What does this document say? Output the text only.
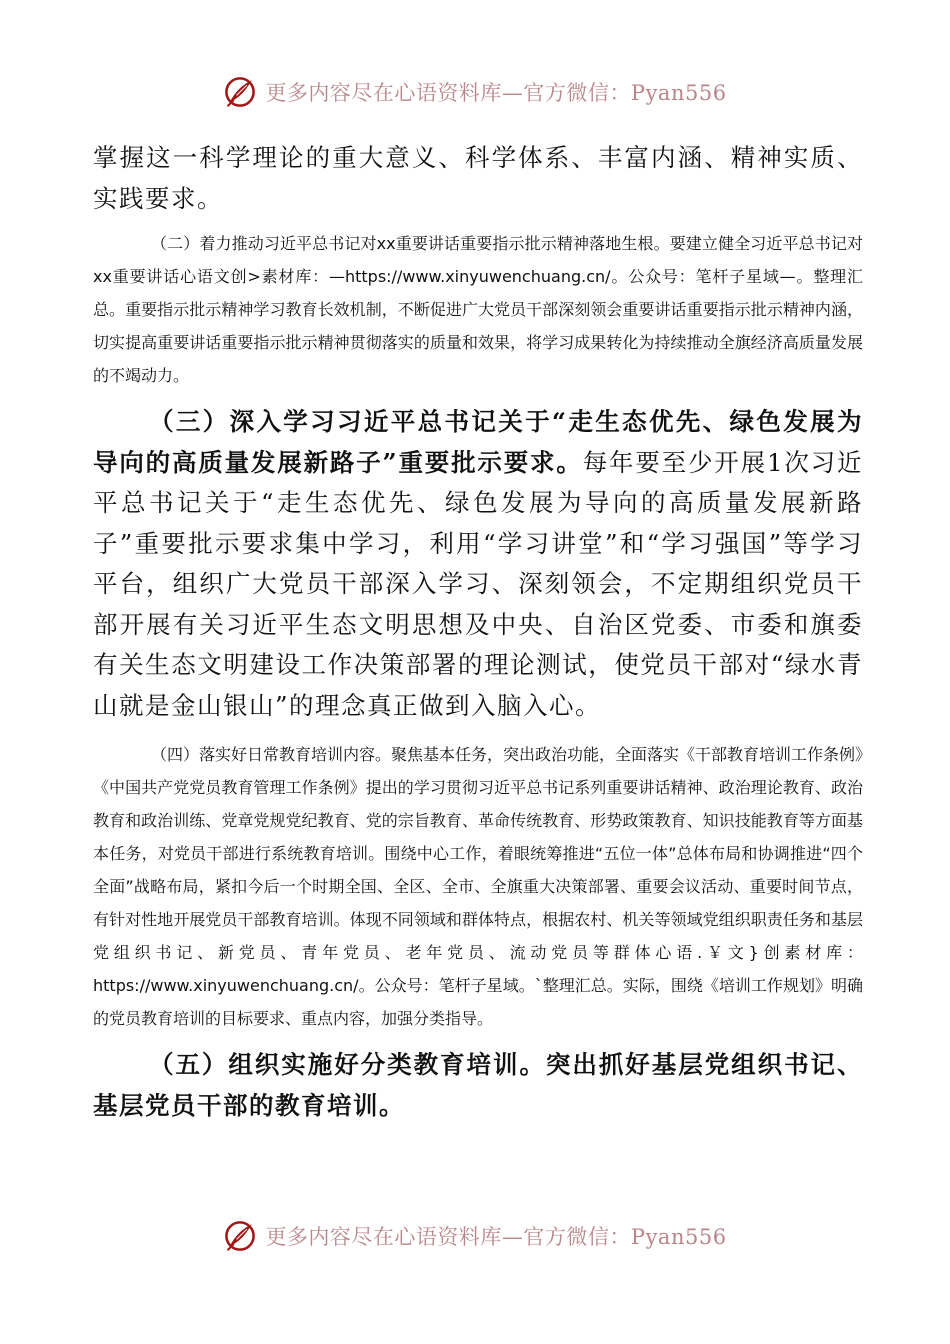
更多内容尽在心语资料库—官方微信：Pyan556

掌握这一科学理论的重大意义、科学体系、丰富内涵、精神实质、实践要求。

（二）着力推动习近平总书记对xx重要讲话重要指示批示精神落地生根。要建立健全习近平总书记对xx重要讲话心语文创>素材库：—https://www.xinyuwenchuang.cn/。公众号：笔杆子星域—。整理汇总。重要指示批示精神学习教育长效机制，不断促进广大党员干部深刻领会重要讲话重要指示批示精神内涵，切实提高重要讲话重要指示批示精神贯彻落实的质量和效果，将学习成果转化为持续推动全旗经济高质量发展的不竭动力。

（三）深入学习习近平总书记关于“走生态优先、绿色发展为导向的高质量发展新路子”重要批示要求。每年要至少开展1次习近平总书记关于“走生态优先、绿色发展为导向的高质量发展新路子”重要批示要求集中学习，利用“学习讲堂”和“学习强国”等学习平台，组织广大党员干部深入学习、深刻领会，不定期组织党员干部开展有关习近平生态文明思想及中央、自治区党委、市委和旗委有关生态文明建设工作决策部署的理论测试，使党员干部对“绿水青山就是金山银山”的理念真正做到入脑入心。

（四）落实好日常教育培训内容。聚焦基本任务，突出政治功能，全面落实《干部教育培训工作条例》《中国共产党党员教育管理工作条例》提出的学习贯彻习近平总书记系列重要讲话精神、政治理论教育、政治教育和政治训练、党章党规党纪教育、党的宗旨教育、革命传统教育、形势政策教育、知识技能教育等方面基本任务，对党员干部进行系统教育培训。围绕中心工作，着眼统筹推进“五位一体”总体布局和协调推进“四个全面”战略布局，紧扣今后一个时期全国、全区、全市、全旗重大决策部署、重要会议活动、重要时间节点，有针对性地开展党员干部教育培训。体现不同领域和群体特点，根据农村、机关等领域党组织职责任务和基层党组织书记、新党员、青年党员、老年党员、流动党员等群体心语.￥文}创素材库：https://www.xinyuwenchuang.cn/。公众号：笔杆子星域。`整理汇总。实际，围绕《培训工作规划》明确的党员教育培训的目标要求、重点内容，加强分类指导。

（五）组织实施好分类教育培训。突出抓好基层党组织书记、基层党员干部的教育培训。

更多内容尽在心语资料库—官方微信：Pyan556
